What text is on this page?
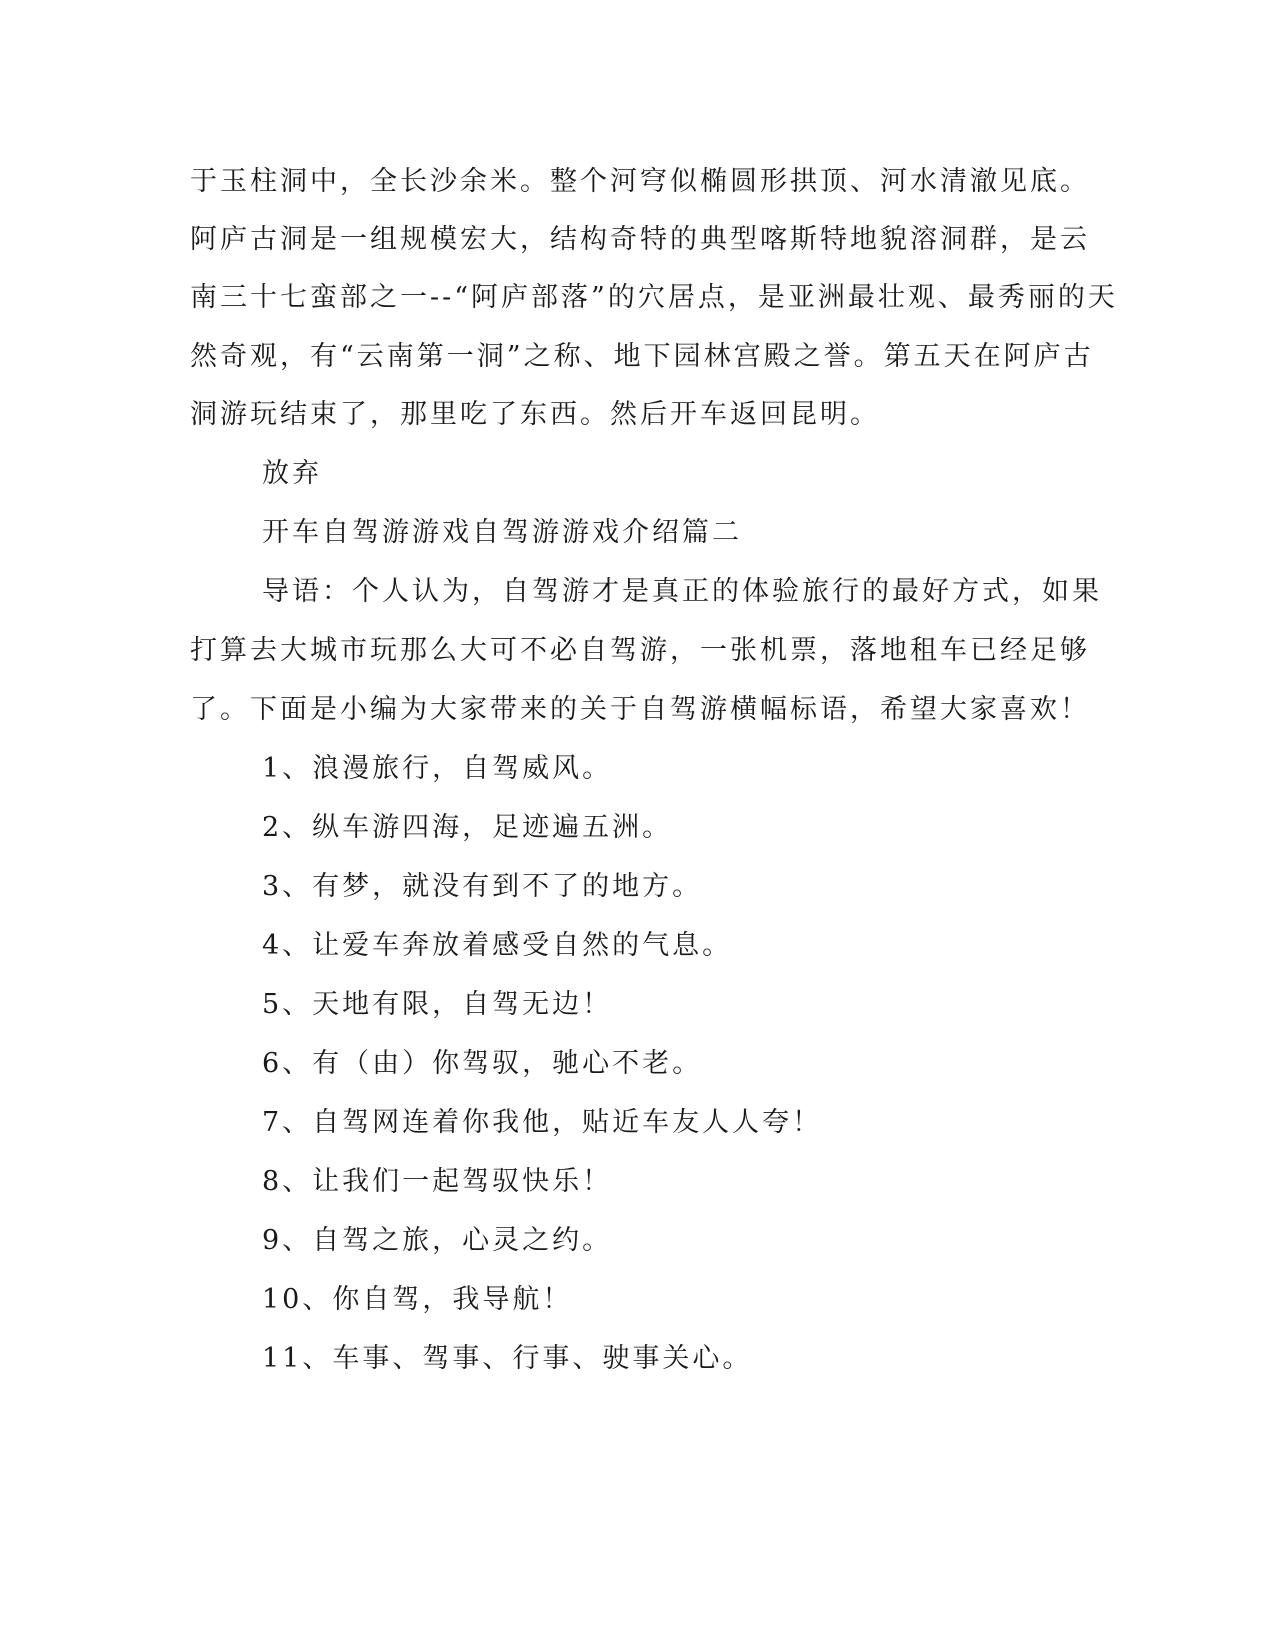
于玉柱洞中，全长沙余米。整个河穹似椭圆形拱顶、河水清澈见底。
阿庐古洞是一组规模宏大，结构奇特的典型喀斯特地貌溶洞群，是云
南三十七蛮部之一--“阿庐部落”的穴居点，是亚洲最壮观、最秀丽的天
然奇观，有“云南第一洞”之称、地下园林宫殿之誉。第五天在阿庐古
洞游玩结束了，那里吃了东西。然后开车返回昆明。
放弃
开车自驾游游戏自驾游游戏介绍篇二
导语：个人认为，自驾游才是真正的体验旅行的最好方式，如果
打算去大城市玩那么大可不必自驾游，一张机票，落地租车已经足够
了。下面是小编为大家带来的关于自驾游横幅标语，希望大家喜欢！
1、浪漫旅行，自驾威风。
2、纵车游四海，足迹遍五洲。
3、有梦，就没有到不了的地方。
4、让爱车奔放着感受自然的气息。
5、天地有限，自驾无边！
6、有（由）你驾驭，驰心不老。
7、自驾网连着你我他，贴近车友人人夸！
8、让我们一起驾驭快乐！
9、自驾之旅，心灵之约。
10、你自驾，我导航！
11、车事、驾事、行事、驶事关心。
